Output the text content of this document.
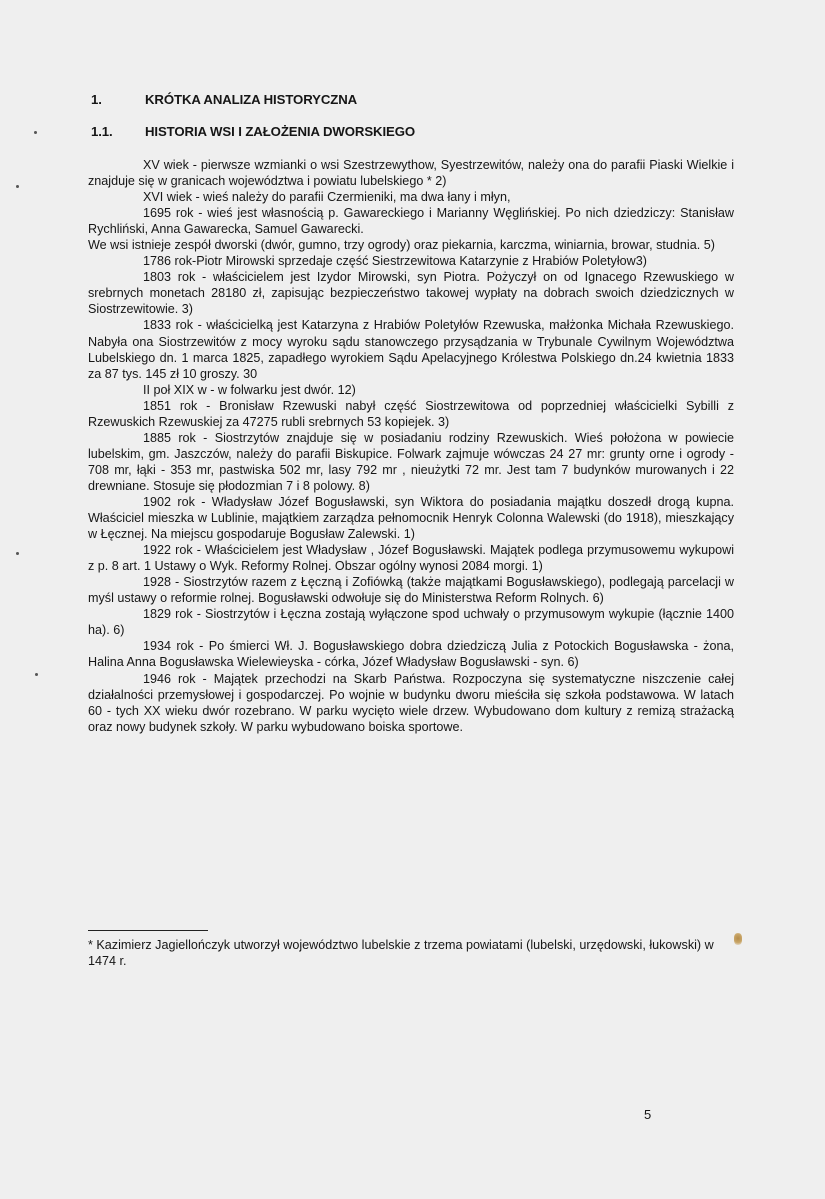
1.	KRÓTKA ANALIZA HISTORYCZNA
1.1. HISTORIA WSI I ZAŁOŻENIA DWORSKIEGO

XV wiek - pierwsze wzmianki o wsi Szestrzewythow, Syestrzewitów, należy ona do parafii Piaski Wielkie i znajduje się w granicach województwa i powiatu lubelskiego * 2)

XVI wiek - wieś należy do parafii Czermieniki, ma dwa łany i młyn,

1695 rok - wieś jest własnością p. Gawareckiego i Marianny Węglińskiej. Po nich dziedziczy: Stanisław Rychliński, Anna Gawarecka, Samuel Gawarecki.

We wsi istnieje zespół dworski (dwór, gumno, trzy ogrody) oraz piekarnia, karczma, winiarnia, browar, studnia. 5)

1786 rok-Piotr Mirowski sprzedaje część Siestrzewitowa Katarzynie z Hrabiów Poletyłow3)

1803 rok - właścicielem jest Izydor Mirowski, syn Piotra. Pożyczył on od Ignacego Rzewuskiego w srebrnych monetach 28180 zł, zapisując bezpieczeństwo takowej wypłaty na dobrach swoich dziedzicznych w Siostrzewitowie. 3)

1833 rok - właścicielką jest Katarzyna z Hrabiów Poletyłów Rzewuska, małżonka Michała Rzewuskiego. Nabyła ona Siostrzewitów z mocy wyroku sądu stanowczego przysądzania w Trybunale Cywilnym Województwa Lubelskiego dn. 1 marca 1825, zapadłego wyrokiem Sądu Apelacyjnego Królestwa Polskiego dn.24 kwietnia 1833 za 87 tys. 145 zł 10 groszy. 30

II poł XIX w - w folwarku jest dwór. 12)

1851 rok - Bronisław Rzewuski nabył część Siostrzewitowa od poprzedniej właścicielki Sybilli z Rzewuskich Rzewuskiej za 47275 rubli srebrnych 53 kopiejek. 3)

1885 rok - Siostrzytów znajduje się w posiadaniu rodziny Rzewuskich. Wieś położona w powiecie lubelskim, gm. Jaszczów, należy do parafii Biskupice. Folwark zajmuje wówczas 24 27 mr: grunty orne i ogrody - 708 mr, łąki - 353 mr, pastwiska 502 mr, lasy 792 mr , nieużytki 72 mr. Jest tam 7 budynków murowanych i 22 drewniane. Stosuje się płodozmian 7 i 8 polowy. 8)

1902 rok - Władysław Józef Bogusławski, syn Wiktora do posiadania majątku doszedł drogą kupna. Właściciel mieszka w Lublinie, majątkiem zarządza pełnomocnik Henryk Colonna Walewski (do 1918), mieszkający w Łęcznej. Na miejscu gospodaruje Bogusław Zalewski. 1)

1922 rok - Właścicielem jest Władysław , Józef Bogusławski. Majątek podlega przymusowemu wykupowi z p. 8 art. 1 Ustawy o Wyk. Reformy Rolnej. Obszar ogólny wynosi 2084 morgi. 1)

1928 - Siostrzytów razem z Łęczną i Zofiówką (także majątkami Bogusławskiego), podlegają parcelacji w myśl ustawy o reformie rolnej. Bogusławski odwołuje się do Ministerstwa Reform Rolnych. 6)

1829 rok - Siostrzytów i Łęczna zostają wyłączone spod uchwały o przymusowym wykupie (łącznie 1400 ha). 6)

1934 rok - Po śmierci Wł. J. Bogusławskiego dobra dziedziczą Julia z Potockich Bogusławska - żona, Halina Anna Bogusławska Wielewieyska - córka, Józef Władysław Bogusławski - syn. 6)

1946 rok - Majątek przechodzi na Skarb Państwa. Rozpoczyna się systematyczne niszczenie całej działalności przemysłowej i gospodarczej. Po wojnie w budynku dworu mieściła się szkoła podstawowa. W latach 60 - tych XX wieku dwór rozebrano. W parku wycięto wiele drzew. Wybudowano dom kultury z remizą strażacką oraz nowy budynek szkoły. W parku wybudowano boiska sportowe.

* Kazimierz Jagiellończyk utworzył województwo lubelskie z trzema powiatami (lubelski, urzędowski, łukowski) w 1474 r.
5
